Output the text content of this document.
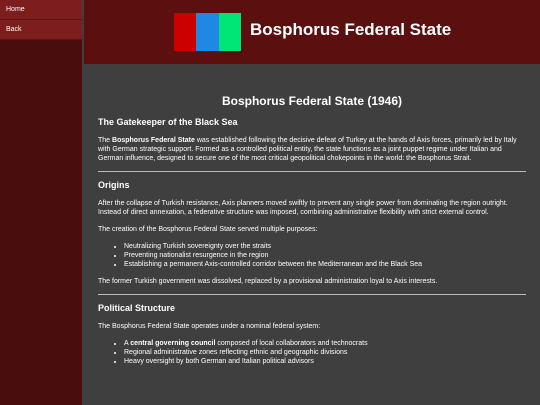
Home
Back	Bosphorus Federal State
Bosphorus Federal State (1946)
The Gatekeeper of the Black Sea

The Bosphorus Federal State was established following the decisive defeat of Turkey at the hands of Axis forces, primarily led by Italy with German strategic support. Formed as a controlled political entity, the state functions as a joint puppet regime under Italian and German influence, designed to secure one of the most critical geopolitical chokepoints in the world: the Bosphorus Strait.

Origins

After the collapse of Turkish resistance, Axis planners moved swiftly to prevent any single power from dominating the region outright. Instead of direct annexation, a federative structure was imposed, combining administrative flexibility with strict external control.

The creation of the Bosphorus Federal State served multiple purposes:

• Neutralizing Turkish sovereignty over the straits
• Preventing nationalist resurgence in the region
• Establishing a permanent Axis-controlled corridor between the Mediterranean and the Black Sea

The former Turkish government was dissolved, replaced by a provisional administration loyal to Axis interests.

Political Structure

The Bosphorus Federal State operates under a nominal federal system:

• A central governing council composed of local collaborators and technocrats
• Regional administrative zones reflecting ethnic and geographic divisions
• Heavy oversight by both German and Italian political advisors
